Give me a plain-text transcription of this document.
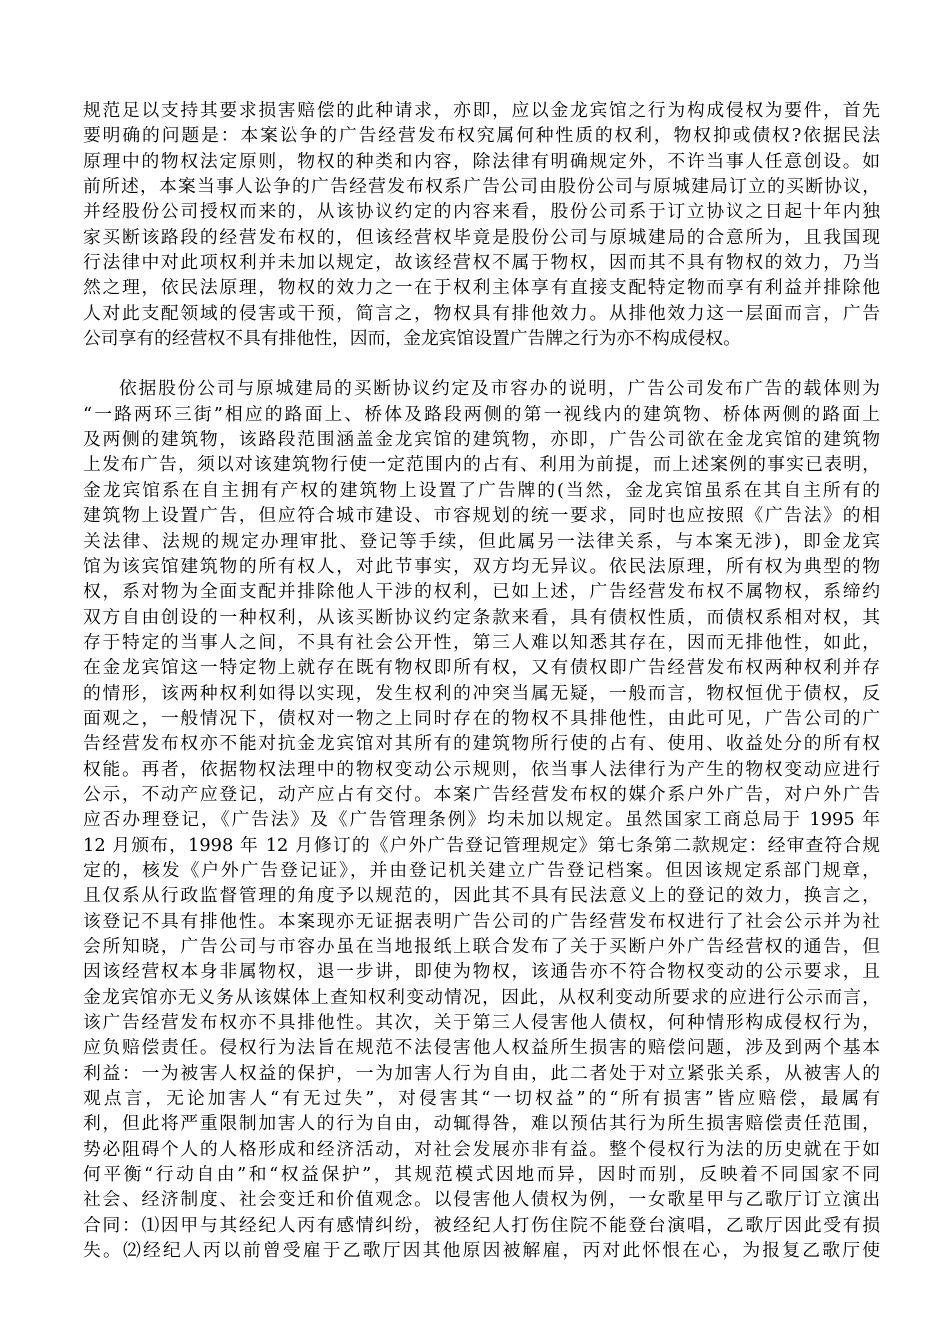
规范足以支持其要求损害赔偿的此种请求，亦即，应以金龙宾馆之行为构成侵权为要件，首先
要明确的问题是：本案讼争的广告经营发布权究属何种性质的权利，物权抑或债权?依据民法
原理中的物权法定原则，物权的种类和内容，除法律有明确规定外，不许当事人任意创设。如
前所述，本案当事人讼争的广告经营发布权系广告公司由股份公司与原城建局订立的买断协议，
并经股份公司授权而来的，从该协议约定的内容来看，股份公司系于订立协议之日起十年内独
家买断该路段的经营发布权的，但该经营权毕竟是股份公司与原城建局的合意所为，且我国现
行法律中对此项权利并未加以规定，故该经营权不属于物权，因而其不具有物权的效力，乃当
然之理，依民法原理，物权的效力之一在于权利主体享有直接支配特定物而享有利益并排除他
人对此支配领域的侵害或干预，简言之，物权具有排他效力。从排他效力这一层面而言，广告
公司享有的经营权不具有排他性，因而，金龙宾馆设置广告牌之行为亦不构成侵权。
依据股份公司与原城建局的买断协议约定及市容办的说明，广告公司发布广告的载体则为
“一路两环三街”相应的路面上、桥体及路段两侧的第一视线内的建筑物、桥体两侧的路面上
及两侧的建筑物，该路段范围涵盖金龙宾馆的建筑物，亦即，广告公司欲在金龙宾馆的建筑物
上发布广告，须以对该建筑物行使一定范围内的占有、利用为前提，而上述案例的事实已表明，
金龙宾馆系在自主拥有产权的建筑物上设置了广告牌的(当然，金龙宾馆虽系在其自主所有的
建筑物上设置广告，但应符合城市建设、市容规划的统一要求，同时也应按照《广告法》的相
关法律、法规的规定办理审批、登记等手续，但此属另一法律关系，与本案无涉)，即金龙宾
馆为该宾馆建筑物的所有权人，对此节事实，双方均无异议。依民法原理，所有权为典型的物
权，系对物为全面支配并排除他人干涉的权利，已如上述，广告经营发布权不属物权，系缔约
双方自由创设的一种权利，从该买断协议约定条款来看，具有债权性质，而债权系相对权，其
存于特定的当事人之间，不具有社会公开性，第三人难以知悉其存在，因而无排他性，如此，
在金龙宾馆这一特定物上就存在既有物权即所有权，又有债权即广告经营发布权两种权利并存
的情形，该两种权利如得以实现，发生权利的冲突当属无疑，一般而言，物权恒优于债权，反
面观之，一般情况下，债权对一物之上同时存在的物权不具排他性，由此可见，广告公司的广
告经营发布权亦不能对抗金龙宾馆对其所有的建筑物所行使的占有、使用、收益处分的所有权
权能。再者，依据物权法理中的物权变动公示规则，依当事人法律行为产生的物权变动应进行
公示，不动产应登记，动产应占有交付。本案广告经营发布权的媒介系户外广告，对户外广告
应否办理登记，《广告法》及《广告管理条例》均未加以规定。虽然国家工商总局于 1995 年
12 月颁布，1998 年 12 月修订的《户外广告登记管理规定》第七条第二款规定：经审查符合规
定的，核发《户外广告登记证》，并由登记机关建立广告登记档案。但因该规定系部门规章，
且仅系从行政监督管理的角度予以规范的，因此其不具有民法意义上的登记的效力，换言之，
该登记不具有排他性。本案现亦无证据表明广告公司的广告经营发布权进行了社会公示并为社
会所知晓，广告公司与市容办虽在当地报纸上联合发布了关于买断户外广告经营权的通告，但
因该经营权本身非属物权，退一步讲，即使为物权，该通告亦不符合物权变动的公示要求，且
金龙宾馆亦无义务从该媒体上查知权利变动情况，因此，从权利变动所要求的应进行公示而言，
该广告经营发布权亦不具排他性。其次，关于第三人侵害他人债权，何种情形构成侵权行为，
应负赔偿责任。侵权行为法旨在规范不法侵害他人权益所生损害的赔偿问题，涉及到两个基本
利益：一为被害人权益的保护，一为加害人行为自由，此二者处于对立紧张关系，从被害人的
观点言，无论加害人“有无过失”，对侵害其“一切权益”的“所有损害”皆应赔偿，最属有
利，但此将严重限制加害人的行为自由，动辄得咎，难以预估其行为所生损害赔偿责任范围，
势必阻碍个人的人格形成和经济活动，对社会发展亦非有益。整个侵权行为法的历史就在于如
何平衡“行动自由”和“权益保护”，其规范模式因地而异，因时而别，反映着不同国家不同
社会、经济制度、社会变迁和价值观念。以侵害他人债权为例，一女歌星甲与乙歌厅订立演出
合同：⑴因甲与其经纪人丙有感情纠纷，被经纪人打伤住院不能登台演唱，乙歌厅因此受有损
失。⑵经纪人丙以前曾受雇于乙歌厅因其他原因被解雇，丙对此怀恨在心，为报复乙歌厅使
